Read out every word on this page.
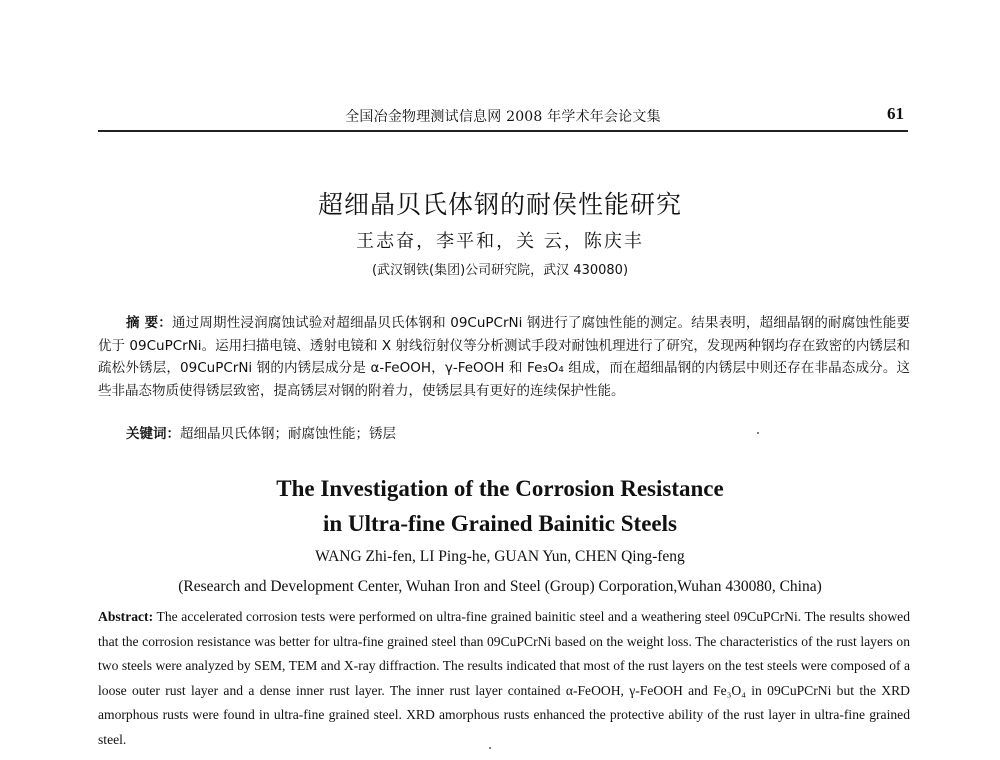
全国冶金物理测试信息网 2008 年学术年会论文集	61
超细晶贝氏体钢的耐侯性能研究
王志奋，李平和，关 云，陈庆丰
(武汉钢铁(集团)公司研究院，武汉 430080)
摘 要：通过周期性浸润腐蚀试验对超细晶贝氏体钢和 09CuPCrNi 钢进行了腐蚀性能的测定。结果表明，超细晶钢的耐腐蚀性能要优于 09CuPCrNi。运用扫描电镜、透射电镜和 X 射线衍射仪等分析测试手段对耐蚀机理进行了研究，发现两种钢均存在致密的内锈层和疏松外锈层，09CuPCrNi 钢的内锈层成分是 α-FeOOH，γ-FeOOH 和 Fe₃O₄ 组成，而在超细晶钢的内锈层中则还存在非晶态成分。这些非晶态物质使得锈层致密，提高锈层对钢的附着力，使锈层具有更好的连续保护性能。
关键词：超细晶贝氏体钢；耐腐蚀性能；锈层
The Investigation of the Corrosion Resistance
in Ultra-fine Grained Bainitic Steels
WANG Zhi-fen, LI Ping-he, GUAN Yun, CHEN Qing-feng
(Research and Development Center, Wuhan Iron and Steel (Group) Corporation,Wuhan 430080, China)
Abstract: The accelerated corrosion tests were performed on ultra-fine grained bainitic steel and a weathering steel 09CuPCrNi. The results showed that the corrosion resistance was better for ultra-fine grained steel than 09CuPCrNi based on the weight loss. The characteristics of the rust layers on two steels were analyzed by SEM, TEM and X-ray diffraction. The results indicated that most of the rust layers on the test steels were composed of a loose outer rust layer and a dense inner rust layer. The inner rust layer contained α-FeOOH, γ-FeOOH and Fe₃O₄ in 09CuPCrNi but the XRD amorphous rusts were found in ultra-fine grained steel. XRD amorphous rusts enhanced the protective ability of the rust layer in ultra-fine grained steel.
